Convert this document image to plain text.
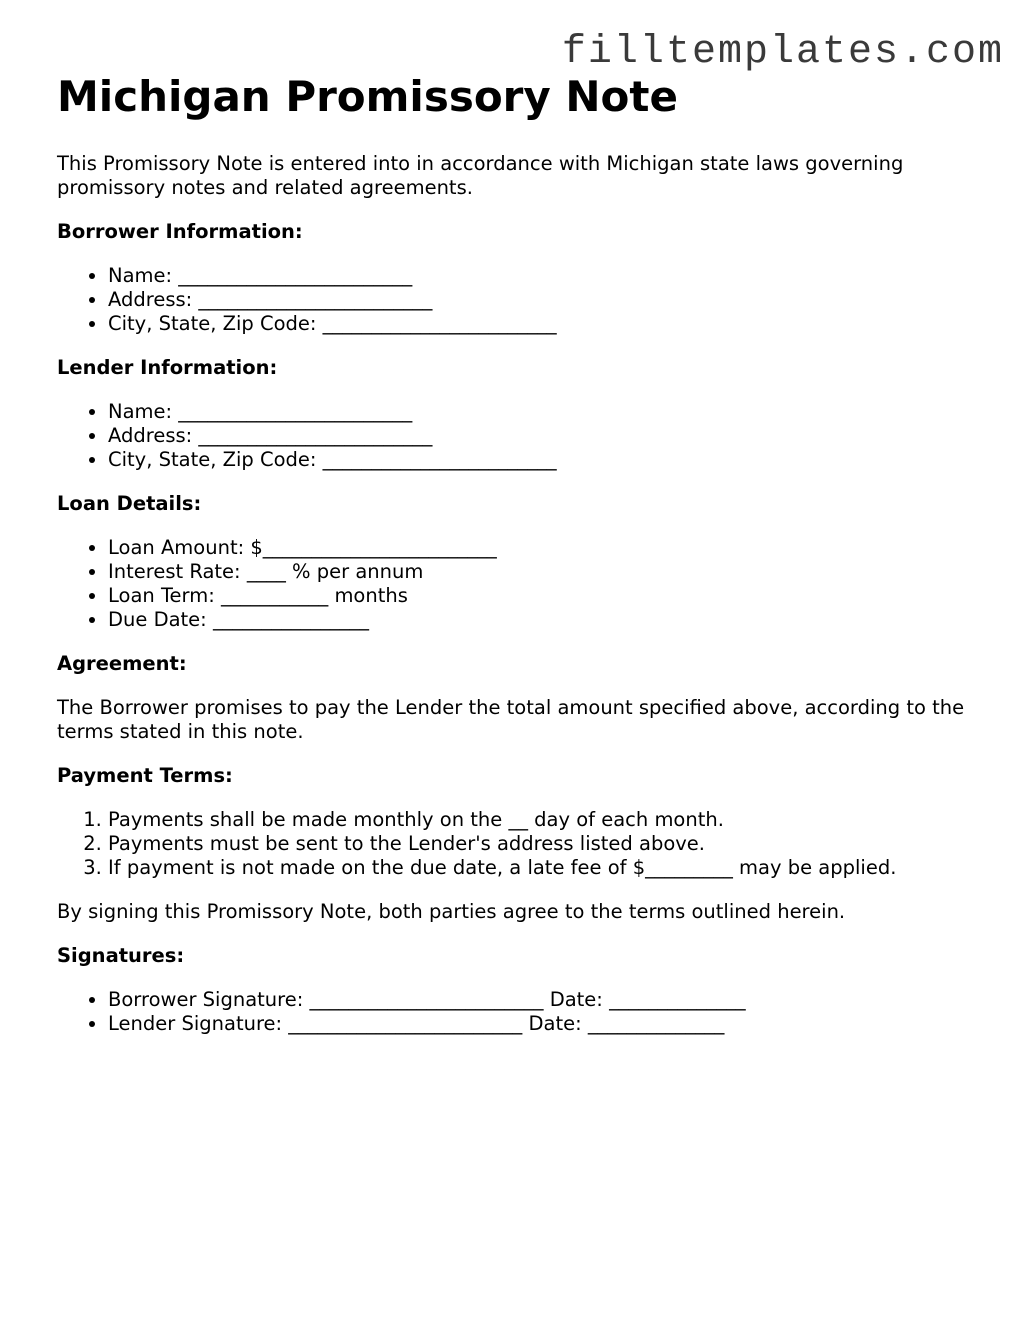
filltemplates.com
Michigan Promissory Note

This Promissory Note is entered into in accordance with Michigan state laws governing promissory notes and related agreements.

Borrower Information:
• Name: ________________________
• Address: ________________________
• City, State, Zip Code: ________________________
Lender Information:
• Name: ________________________
• Address: ________________________
• City, State, Zip Code: ________________________
Loan Details:
• Loan Amount: $________________________
• Interest Rate: ____ % per annum
• Loan Term: ___________ months
• Due Date: ________________
Agreement:

The Borrower promises to pay the Lender the total amount specified above, according to the terms stated in this note.

Payment Terms:
1. Payments shall be made monthly on the __ day of each month.
2. Payments must be sent to the Lender's address listed above.
3. If payment is not made on the due date, a late fee of $_________ may be applied.

By signing this Promissory Note, both parties agree to the terms outlined herein.

Signatures:
• Borrower Signature: ________________________ Date: ______________
• Lender Signature: ________________________ Date: ______________
